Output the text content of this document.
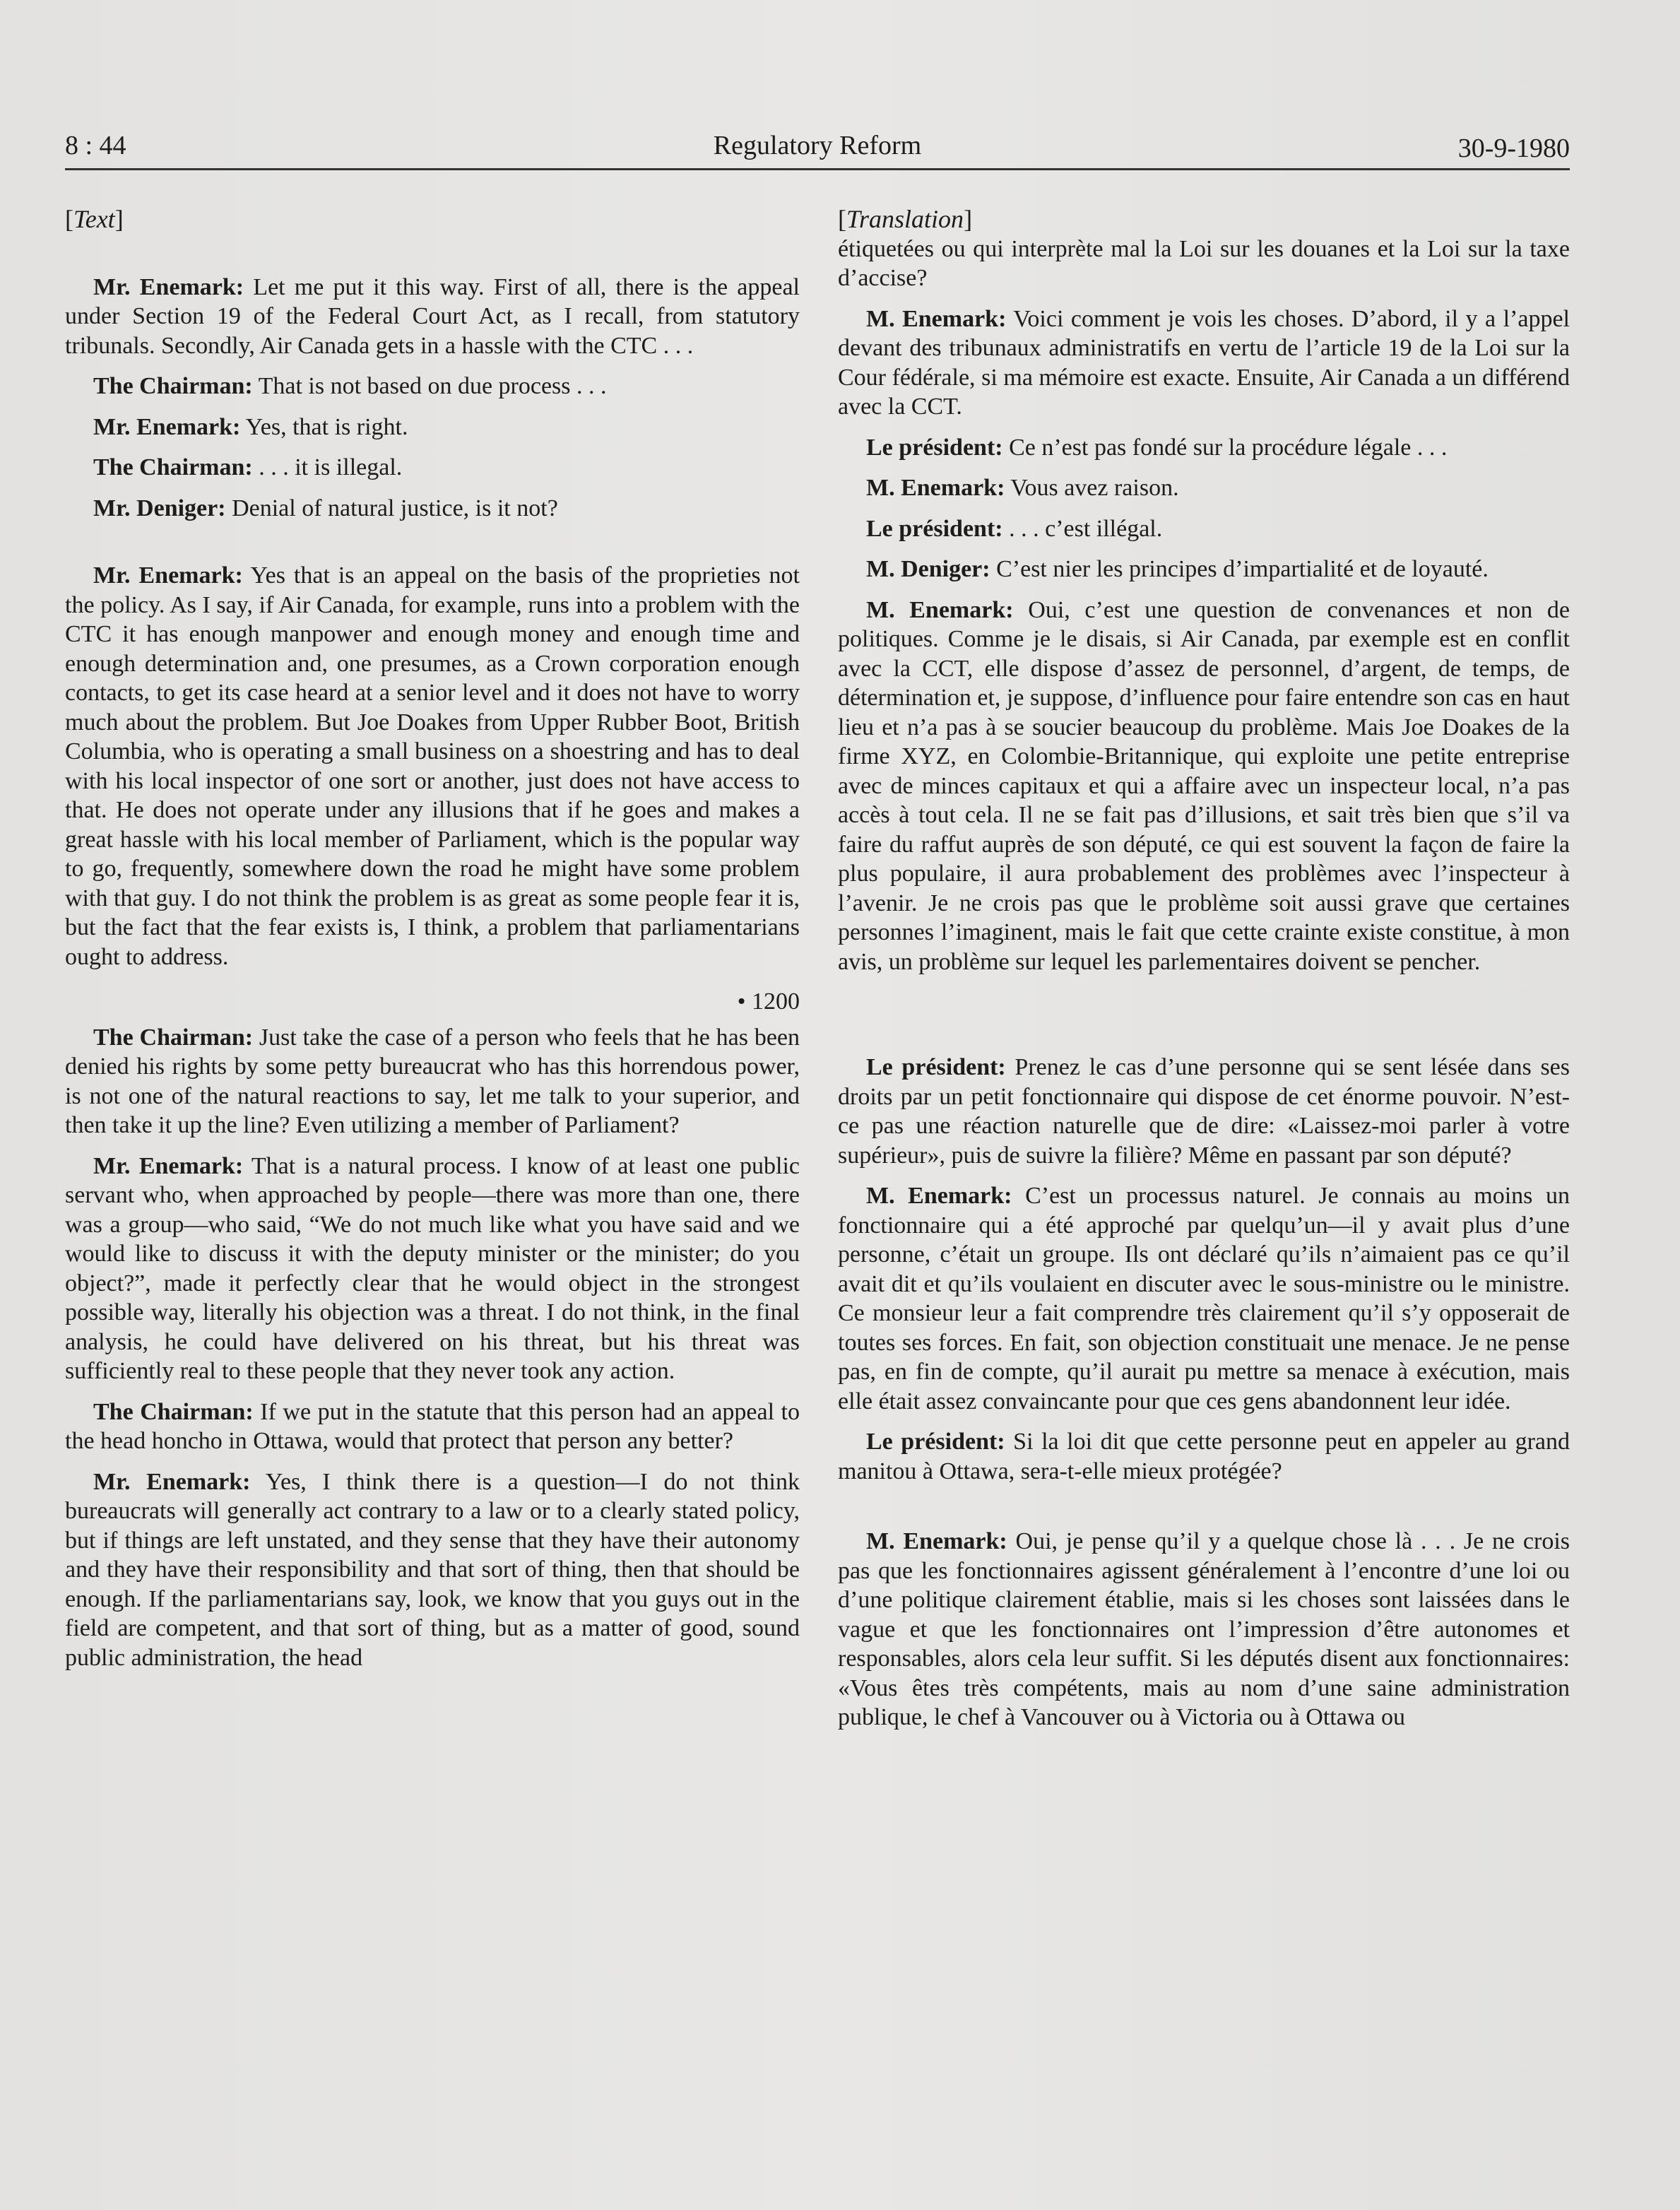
8 : 44	Regulatory Reform	30-9-1980

[Text]

Mr. Enemark: Let me put it this way. First of all, there is the appeal under Section 19 of the Federal Court Act, as I recall, from statutory tribunals. Secondly, Air Canada gets in a hassle with the CTC . . .

The Chairman: That is not based on due process . . .

Mr. Enemark: Yes, that is right.

The Chairman: . . . it is illegal.

Mr. Deniger: Denial of natural justice, is it not?

Mr. Enemark: Yes that is an appeal on the basis of the proprieties not the policy. As I say, if Air Canada, for example, runs into a problem with the CTC it has enough manpower and enough money and enough time and enough determination and, one presumes, as a Crown corporation enough contacts, to get its case heard at a senior level and it does not have to worry much about the problem. But Joe Doakes from Upper Rubber Boot, British Columbia, who is operating a small business on a shoestring and has to deal with his local inspector of one sort or another, just does not have access to that. He does not operate under any illusions that if he goes and makes a great hassle with his local member of Parliament, which is the popular way to go, frequently, somewhere down the road he might have some problem with that guy. I do not think the problem is as great as some people fear it is, but the fact that the fear exists is, I think, a problem that parliamentarians ought to address.

• 1200

The Chairman: Just take the case of a person who feels that he has been denied his rights by some petty bureaucrat who has this horrendous power, is not one of the natural reactions to say, let me talk to your superior, and then take it up the line? Even utilizing a member of Parliament?

Mr. Enemark: That is a natural process. I know of at least one public servant who, when approached by people—there was more than one, there was a group—who said, “We do not much like what you have said and we would like to discuss it with the deputy minister or the minister; do you object?”, made it perfectly clear that he would object in the strongest possible way, literally his objection was a threat. I do not think, in the final analysis, he could have delivered on his threat, but his threat was sufficiently real to these people that they never took any action.

The Chairman: If we put in the statute that this person had an appeal to the head honcho in Ottawa, would that protect that person any better?

Mr. Enemark: Yes, I think there is a question—I do not think bureaucrats will generally act contrary to a law or to a clearly stated policy, but if things are left unstated, and they sense that they have their autonomy and they have their responsibility and that sort of thing, then that should be enough. If the parliamentarians say, look, we know that you guys out in the field are competent, and that sort of thing, but as a matter of good, sound public administration, the head

[Translation]

étiquetées ou qui interprète mal la Loi sur les douanes et la Loi sur la taxe d’accise?

M. Enemark: Voici comment je vois les choses. D’abord, il y a l’appel devant des tribunaux administratifs en vertu de l’article 19 de la Loi sur la Cour fédérale, si ma mémoire est exacte. Ensuite, Air Canada a un différend avec la CCT.

Le président: Ce n’est pas fondé sur la procédure légale . . .

M. Enemark: Vous avez raison.

Le président: . . . c’est illégal.

M. Deniger: C’est nier les principes d’impartialité et de loyauté.

M. Enemark: Oui, c’est une question de convenances et non de politiques. Comme je le disais, si Air Canada, par exemple est en conflit avec la CCT, elle dispose d’assez de personnel, d’argent, de temps, de détermination et, je suppose, d’influence pour faire entendre son cas en haut lieu et n’a pas à se soucier beaucoup du problème. Mais Joe Doakes de la firme XYZ, en Colombie-Britannique, qui exploite une petite entreprise avec de minces capitaux et qui a affaire avec un inspecteur local, n’a pas accès à tout cela. Il ne se fait pas d’illusions, et sait très bien que s’il va faire du raffut auprès de son député, ce qui est souvent la façon de faire la plus populaire, il aura probablement des problèmes avec l’inspecteur à l’avenir. Je ne crois pas que le problème soit aussi grave que certaines personnes l’imaginent, mais le fait que cette crainte existe constitue, à mon avis, un problème sur lequel les parlementaires doivent se pencher.

Le président: Prenez le cas d’une personne qui se sent lésée dans ses droits par un petit fonctionnaire qui dispose de cet énorme pouvoir. N’est-ce pas une réaction naturelle que de dire: «Laissez-moi parler à votre supérieur», puis de suivre la filière? Même en passant par son député?

M. Enemark: C’est un processus naturel. Je connais au moins un fonctionnaire qui a été approché par quelqu’un—il y avait plus d’une personne, c’était un groupe. Ils ont déclaré qu’ils n’aimaient pas ce qu’il avait dit et qu’ils voulaient en discuter avec le sous-ministre ou le ministre. Ce monsieur leur a fait comprendre très clairement qu’il s’y opposerait de toutes ses forces. En fait, son objection constituait une menace. Je ne pense pas, en fin de compte, qu’il aurait pu mettre sa menace à exécution, mais elle était assez convaincante pour que ces gens abandonnent leur idée.

Le président: Si la loi dit que cette personne peut en appeler au grand manitou à Ottawa, sera-t-elle mieux protégée?

M. Enemark: Oui, je pense qu’il y a quelque chose là . . . Je ne crois pas que les fonctionnaires agissent généralement à l’encontre d’une loi ou d’une politique clairement établie, mais si les choses sont laissées dans le vague et que les fonctionnaires ont l’impression d’être autonomes et responsables, alors cela leur suffit. Si les députés disent aux fonctionnaires: «Vous êtes très compétents, mais au nom d’une saine administration publique, le chef à Vancouver ou à Victoria ou à Ottawa ou
